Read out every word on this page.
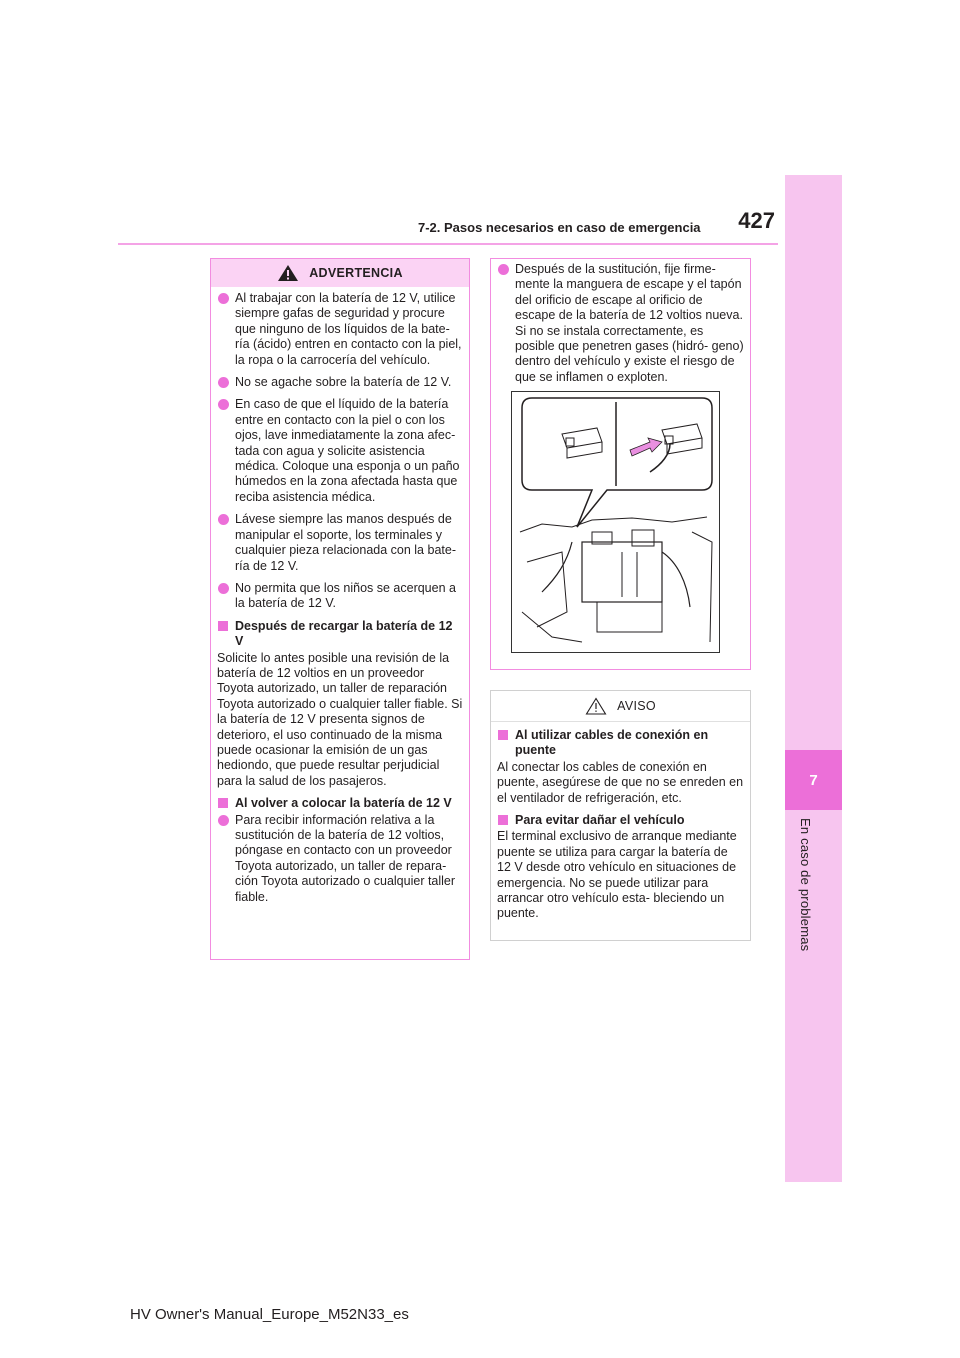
427
7-2. Pasos necesarios en caso de emergencia
7
En caso de problemas
ADVERTENCIA
Al trabajar con la batería de 12 V, utilice siempre gafas de seguridad y procure que ninguno de los líquidos de la bate- ría (ácido) entren en contacto con la piel, la ropa o la carrocería del vehículo.
No se agache sobre la batería de 12 V.
En caso de que el líquido de la batería entre en contacto con la piel o con los ojos, lave inmediatamente la zona afec- tada con agua y solicite asistencia médica. Coloque una esponja o un paño húmedos en la zona afectada hasta que reciba asistencia médica.
Lávese siempre las manos después de manipular el soporte, los terminales y cualquier pieza relacionada con la bate- ría de 12 V.
No permita que los niños se acerquen a la batería de 12 V.
Después de recargar la batería de 12 V
Solicite lo antes posible una revisión de la batería de 12 voltios en un proveedor Toyota autorizado, un taller de reparación Toyota autorizado o cualquier taller fiable. Si la batería de 12 V presenta signos de deterioro, el uso continuado de la misma puede ocasionar la emisión de un gas hediondo, que puede resultar perjudicial para la salud de los pasajeros.
Al volver a colocar la batería de 12 V
Para recibir información relativa a la sustitución de la batería de 12 voltios, póngase en contacto con un proveedor Toyota autorizado, un taller de repara- ción Toyota autorizado o cualquier taller fiable.
Después de la sustitución, fije firme- mente la manguera de escape y el tapón del orificio de escape al orificio de escape de la batería de 12 voltios nueva. Si no se instala correctamente, es posible que penetren gases (hidró- geno) dentro del vehículo y existe el riesgo de que se inflamen o exploten.
AVISO
Al utilizar cables de conexión en puente
Al conectar los cables de conexión en puente, asegúrese de que no se enreden en el ventilador de refrigeración, etc.
Para evitar dañar el vehículo
El terminal exclusivo de arranque mediante puente se utiliza para cargar la batería de 12 V desde otro vehículo en situaciones de emergencia. No se puede utilizar para arrancar otro vehículo esta- bleciendo un puente.
HV Owner's Manual_Europe_M52N33_es
